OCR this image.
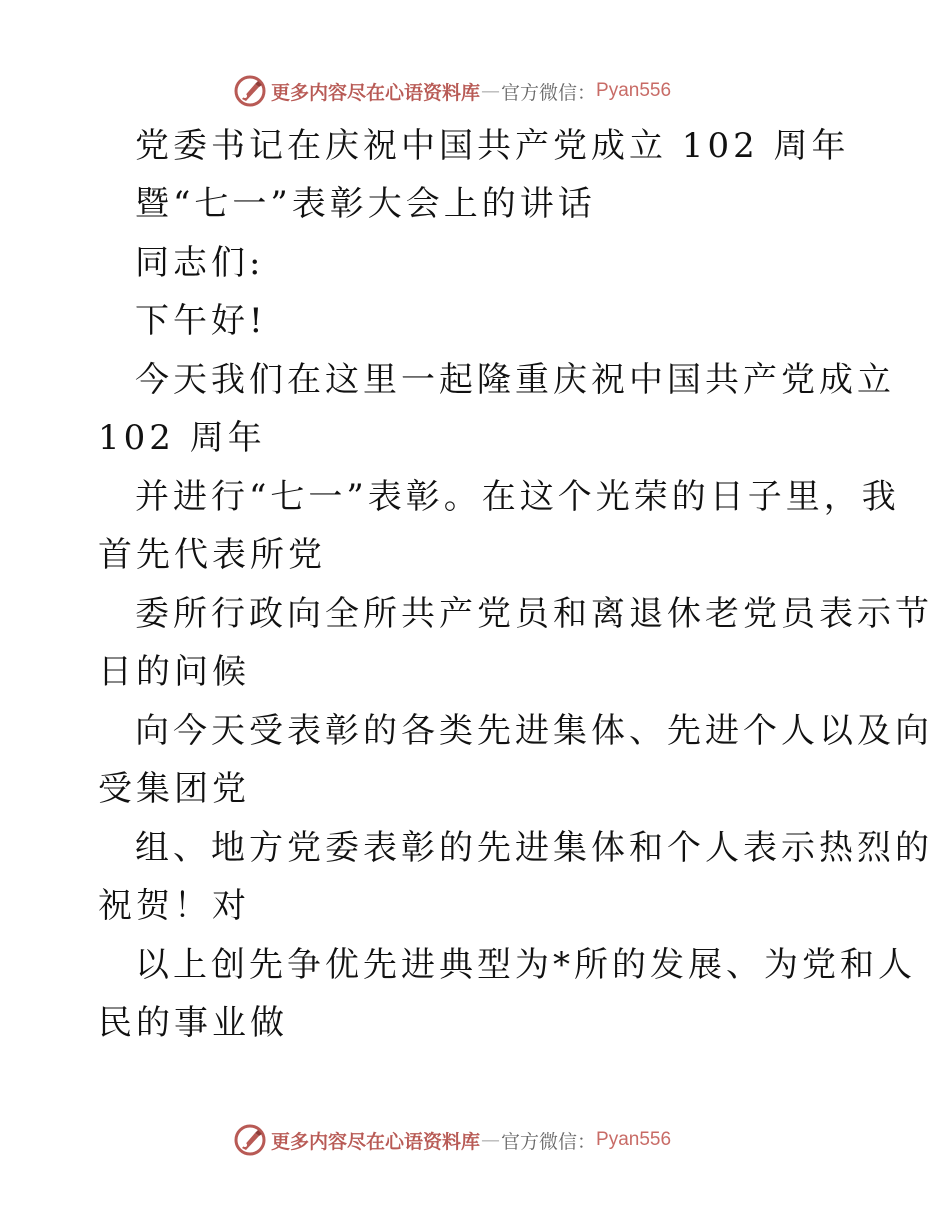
更多内容尽在心语资料库 — 官方微信： Pyan556
党委书记在庆祝中国共产党成立 102 周年
暨“七一”表彰大会上的讲话
同志们:
下午好!
今天我们在这里一起隆重庆祝中国共产党成立
102 周年
并进行“七一”表彰。在这个光荣的日子里，我
首先代表所党
委所行政向全所共产党员和离退休老党员表示节
日的问候
向今天受表彰的各类先进集体、先进个人以及向
受集团党
组、地方党委表彰的先进集体和个人表示热烈的
祝贺！对
以上创先争优先进典型为*所的发展、为党和人
民的事业做
更多内容尽在心语资料库 — 官方微信： Pyan556
